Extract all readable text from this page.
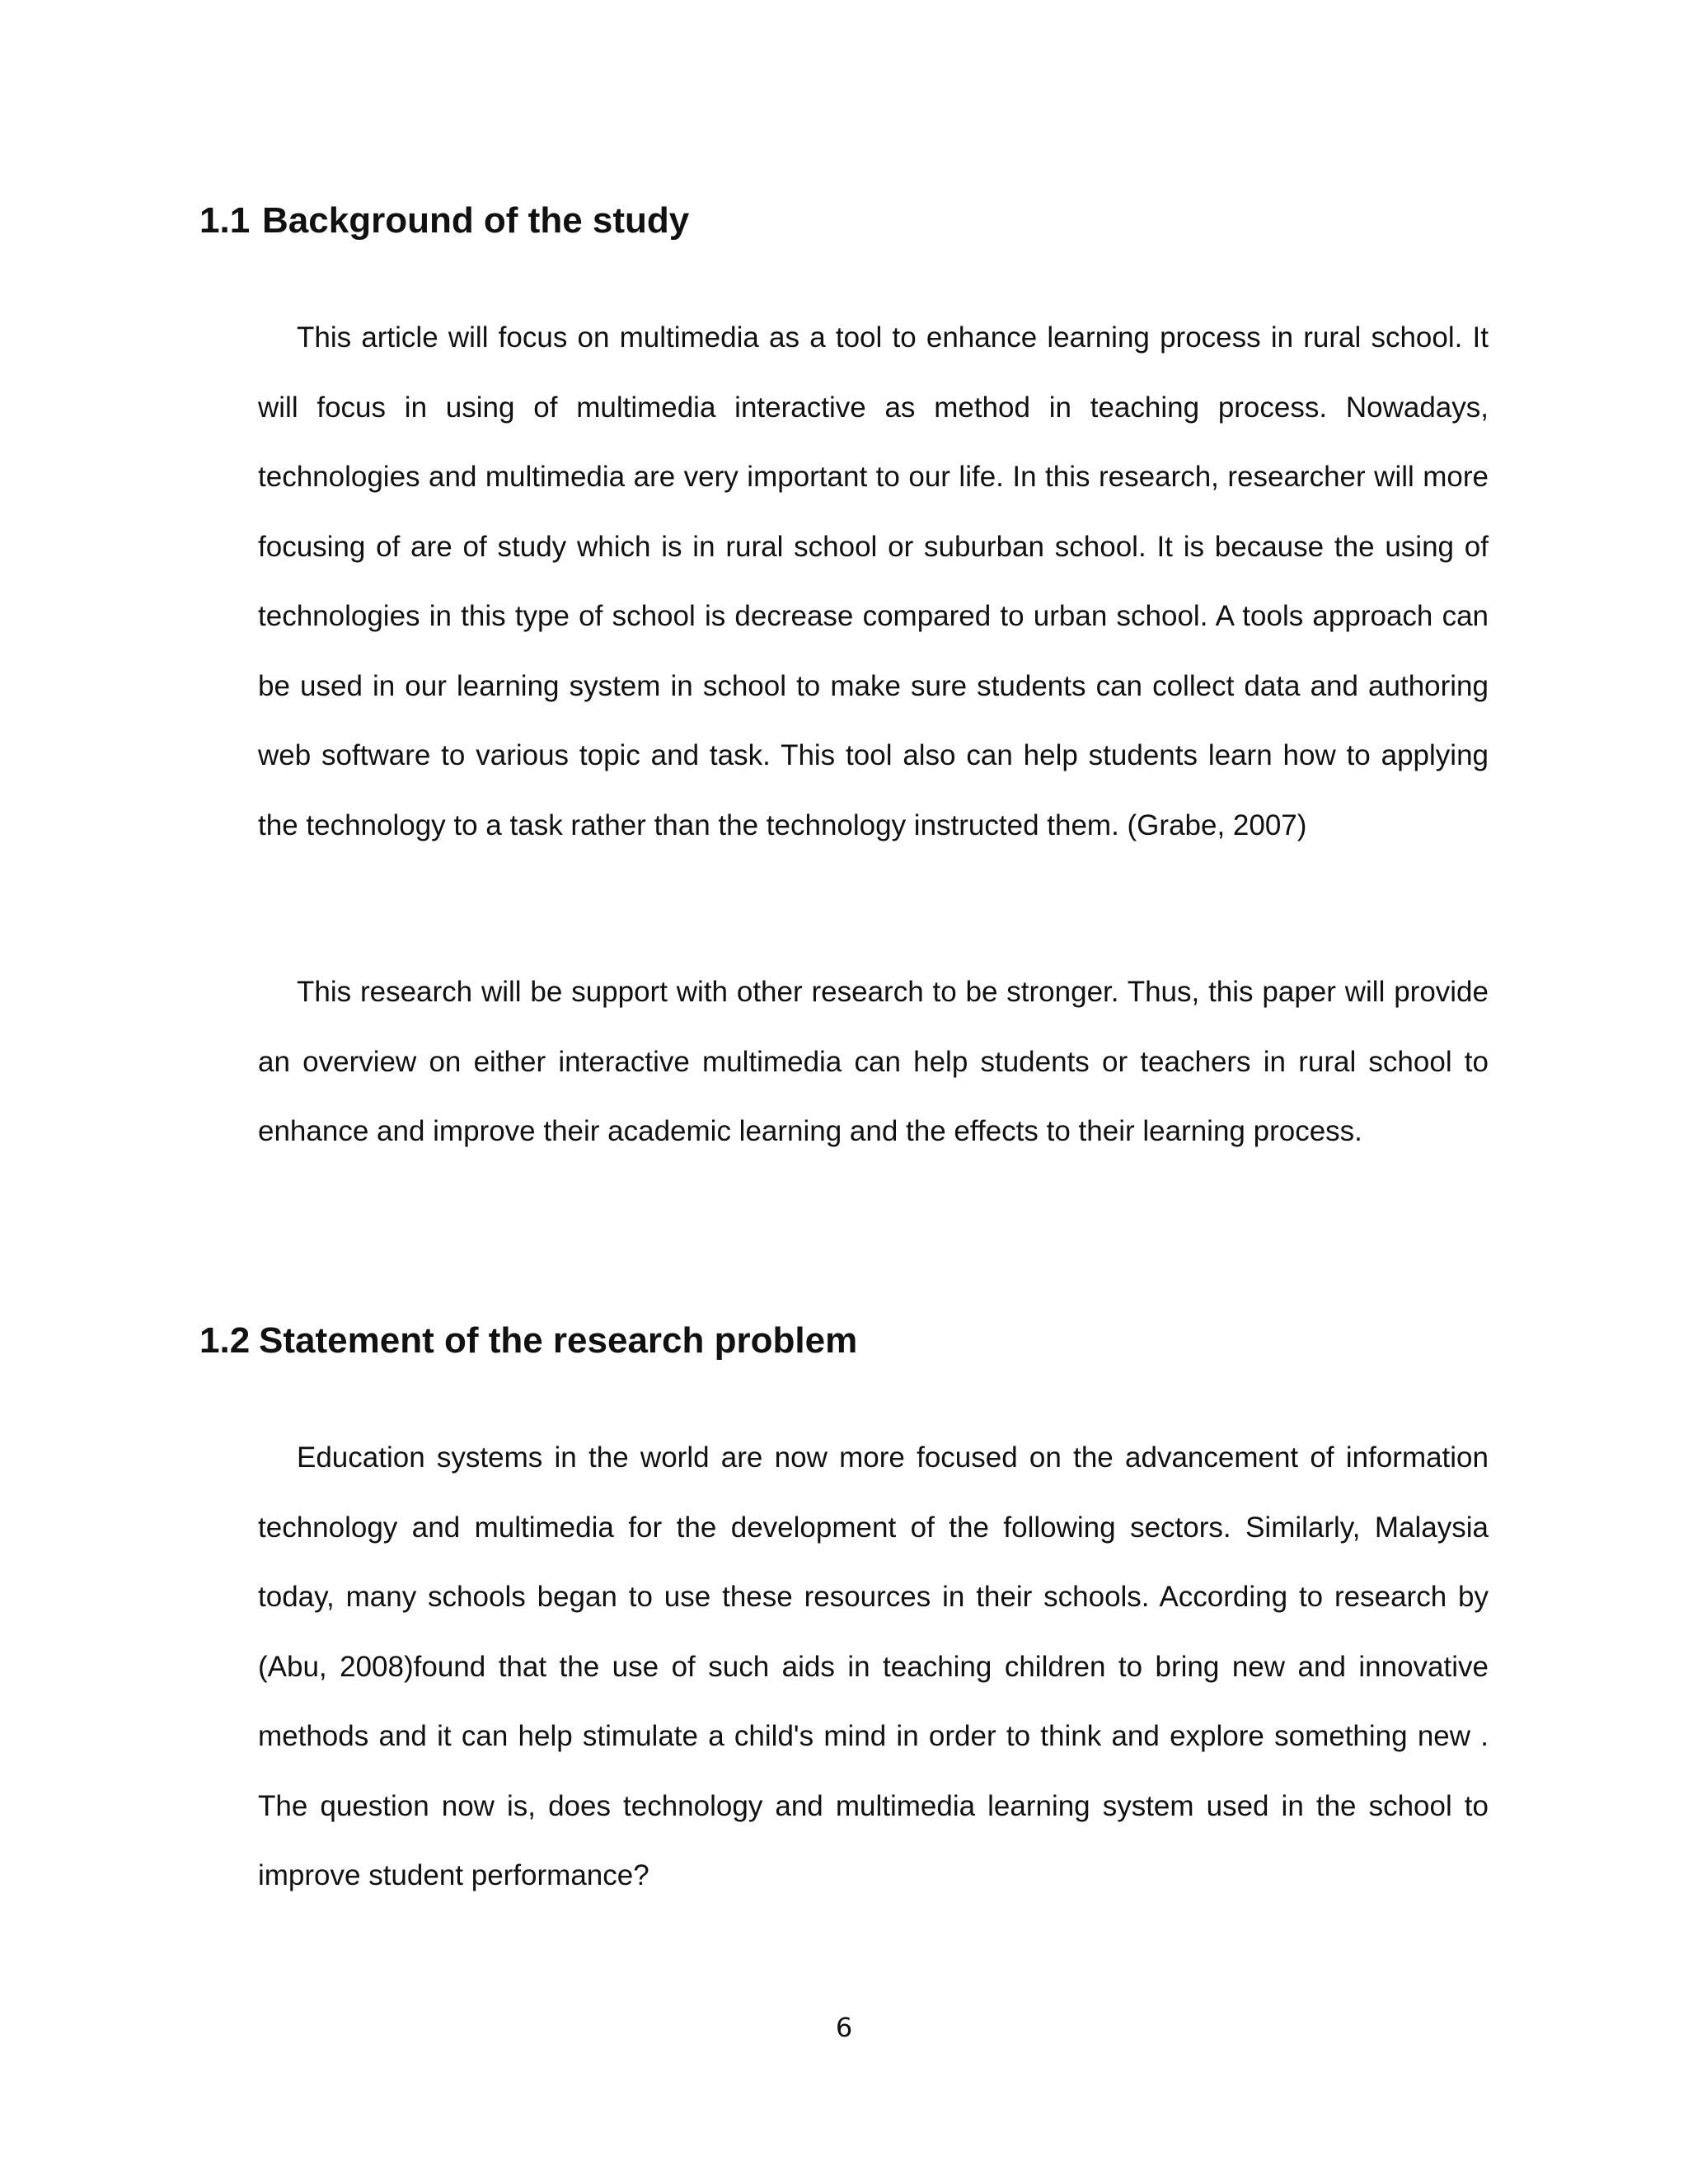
1.1 Background of the study

This article will focus on multimedia as a tool to enhance learning process in rural school. It will focus in using of multimedia interactive as method in teaching process. Nowadays, technologies and multimedia are very important to our life. In this research, researcher will more focusing of are of study which is in rural school or suburban school. It is because the using of technologies in this type of school is decrease compared to urban school. A tools approach can be used in our learning system in school to make sure students can collect data and authoring web software to various topic and task. This tool also can help students learn how to applying the technology to a task rather than the technology instructed them. (Grabe, 2007)

This research will be support with other research to be stronger. Thus, this paper will provide an overview on either interactive multimedia can help students or teachers in rural school to enhance and improve their academic learning and the effects to their learning process.

1.2 Statement of the research problem

Education systems in the world are now more focused on the advancement of information technology and multimedia for the development of the following sectors. Similarly, Malaysia today, many schools began to use these resources in their schools. According to research by (Abu, 2008)found that the use of such aids in teaching children to bring new and innovative methods and it can help stimulate a child's mind in order to think and explore something new . The question now is, does technology and multimedia learning system used in the school to improve student performance?

6
